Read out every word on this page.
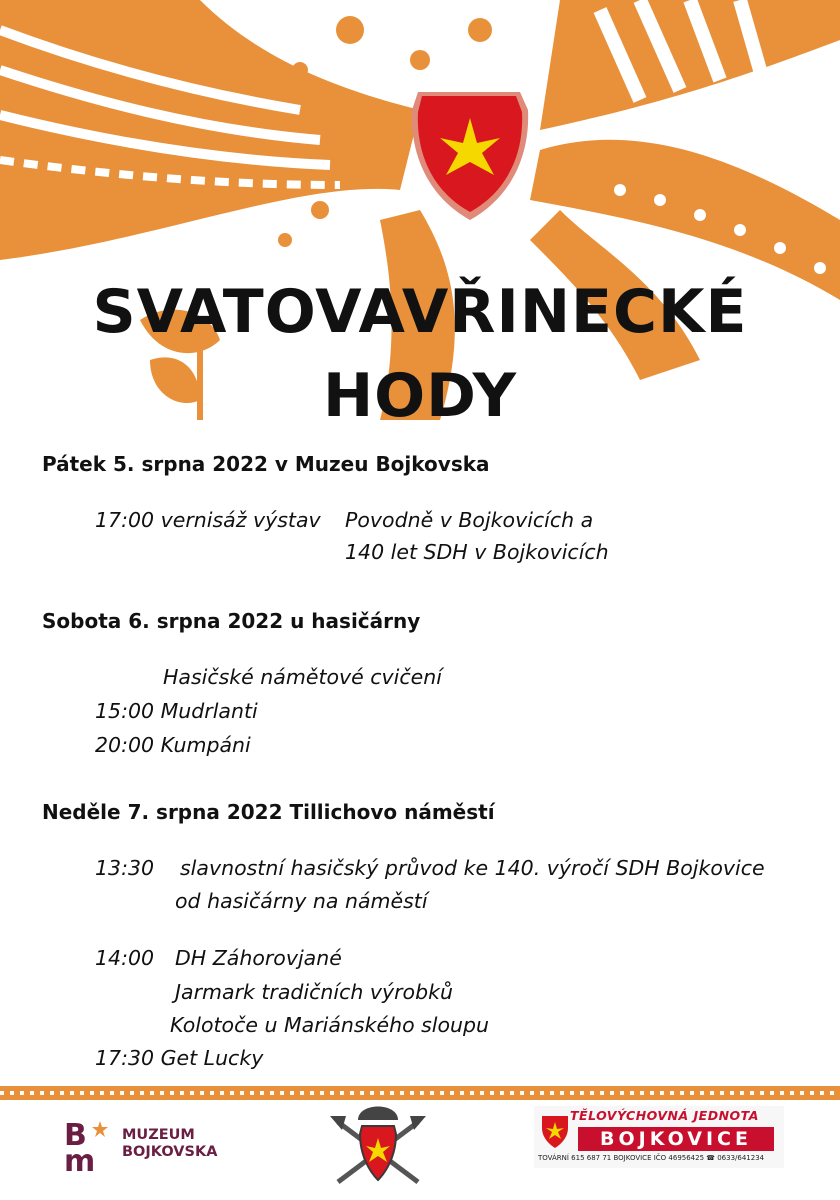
SVATOVAVŘINECKÉ
HODY
Pátek 5. srpna 2022 v Muzeu Bojkovska
17:00 vernisáž výstav Povodně v Bojkovicích a
140 let SDH v Bojkovicích
Sobota 6. srpna 2022 u hasičárny
Hasičské námětové cvičení
15:00 Mudrlanti
20:00 Kumpáni
Neděle 7. srpna 2022 Tillichovo náměstí
13:30 slavnostní hasičský průvod ke 140. výročí SDH Bojkovice
od hasičárny na náměstí
14:00 DH Záhorovjané
Jarmark tradičních výrobků
Kolotoče u Mariánského sloupu
17:30 Get Lucky
B
m
MUZEUM
BOJKOVSKA
TĚLOVÝCHOVNÁ JEDNOTA
BOJKOVICE
TOVÁRNÍ 615 687 71 BOJKOVICE IČO 46956425 ☎ 0633/641234
